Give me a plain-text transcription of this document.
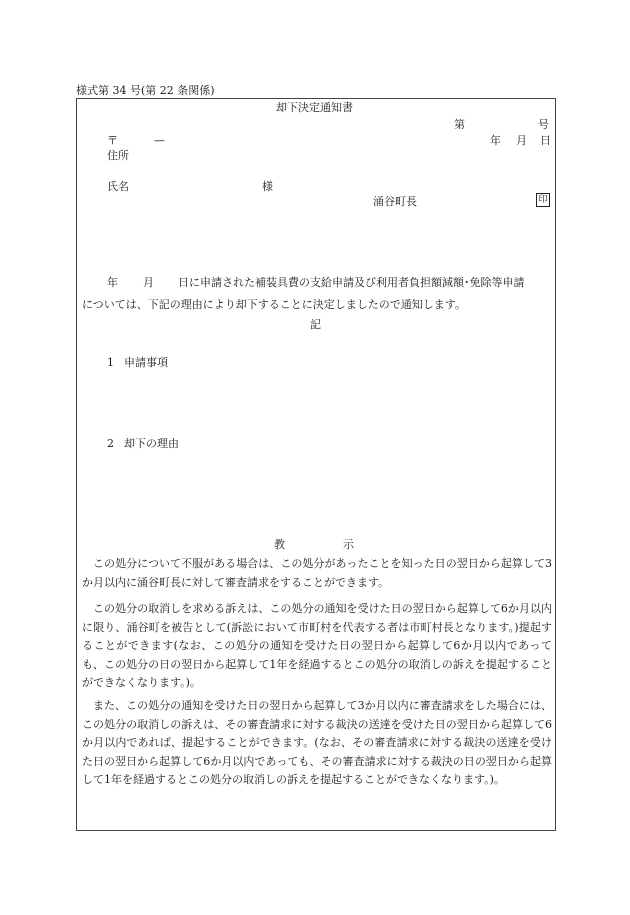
様式第 34 号(第 22 条関係)
却下決定通知書
第	号
〒	—	年 月 日
住所
氏名	様
涌谷町長	印
年 月 日に申請された補装具費の支給申請及び利用者負担額減額･免除等申請
については、下記の理由により却下することに決定しましたので通知します。
記
1 申請事項
2 却下の理由
教	示
この処分について不服がある場合は、この処分があったことを知った日の翌日から起算して3か月以内に涌谷町長に対して審査請求をすることができます。
この処分の取消しを求める訴えは、この処分の通知を受けた日の翌日から起算して6か月以内に限り、涌谷町を被告として(訴訟において市町村を代表する者は市町村長となります。)提起することができます(なお、この処分の通知を受けた日の翌日から起算して6か月以内であっても、この処分の日の翌日から起算して1年を経過するとこの処分の取消しの訴えを提起することができなくなります。)。
また、この処分の通知を受けた日の翌日から起算して3か月以内に審査請求をした場合には、この処分の取消しの訴えは、その審査請求に対する裁決の送達を受けた日の翌日から起算して6か月以内であれば、提起することができます。(なお、その審査請求に対する裁決の送達を受けた日の翌日から起算して6か月以内であっても、その審査請求に対する裁決の日の翌日から起算して1年を経過するとこの処分の取消しの訴えを提起することができなくなります。)。
